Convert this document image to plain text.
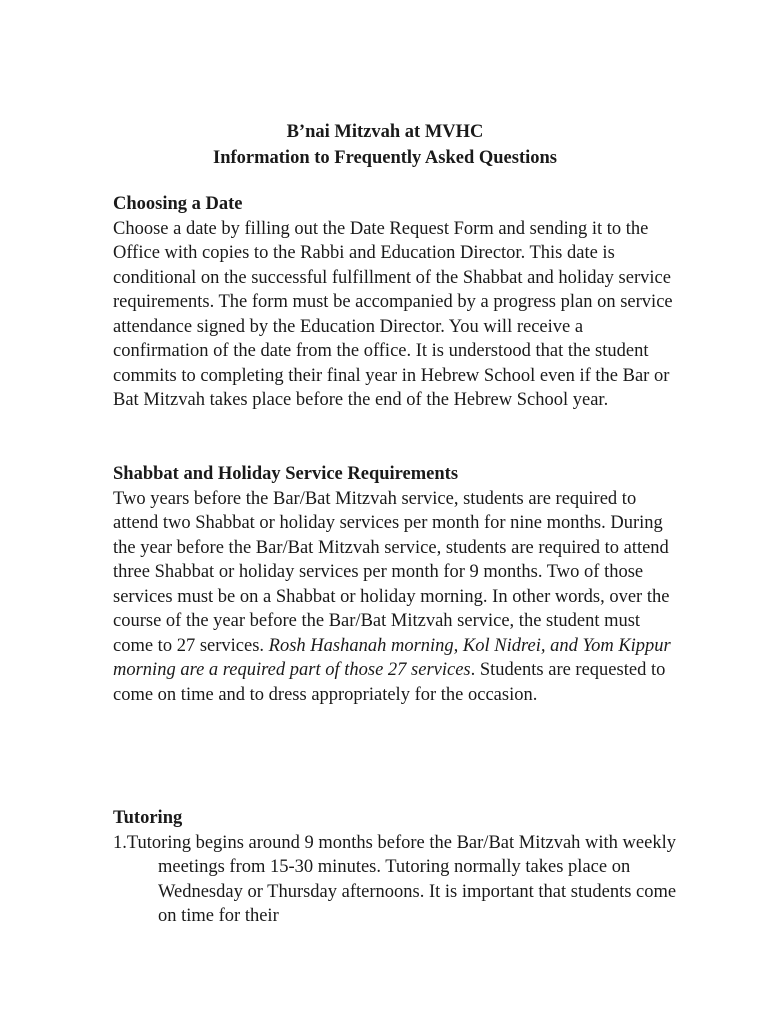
B’nai Mitzvah at MVHC
Information to Frequently Asked Questions

Choosing a Date

Choose a date by filling out the Date Request Form and sending it to the Office with copies to the Rabbi and Education Director. This date is conditional on the successful fulfillment of the Shabbat and holiday service requirements. The form must be accompanied by a progress plan on service attendance signed by the Education Director. You will receive a confirmation of the date from the office. It is understood that the student commits to completing their final year in Hebrew School even if the Bar or Bat Mitzvah takes place before the end of the Hebrew School year.

Shabbat and Holiday Service Requirements

Two years before the Bar/Bat Mitzvah service, students are required to attend two Shabbat or holiday services per month for nine months. During the year before the Bar/Bat Mitzvah service, students are required to attend three Shabbat or holiday services per month for 9 months. Two of those services must be on a Shabbat or holiday morning. In other words, over the course of the year before the Bar/Bat Mitzvah service, the student must come to 27 services. Rosh Hashanah morning, Kol Nidrei, and Yom Kippur morning are a required part of those 27 services. Students are requested to come on time and to dress appropriately for the occasion.

Tutoring

1.Tutoring begins around 9 months before the Bar/Bat Mitzvah with weekly meetings from 15-30 minutes. Tutoring normally takes place on Wednesday or Thursday afternoons. It is important that students come on time for their
